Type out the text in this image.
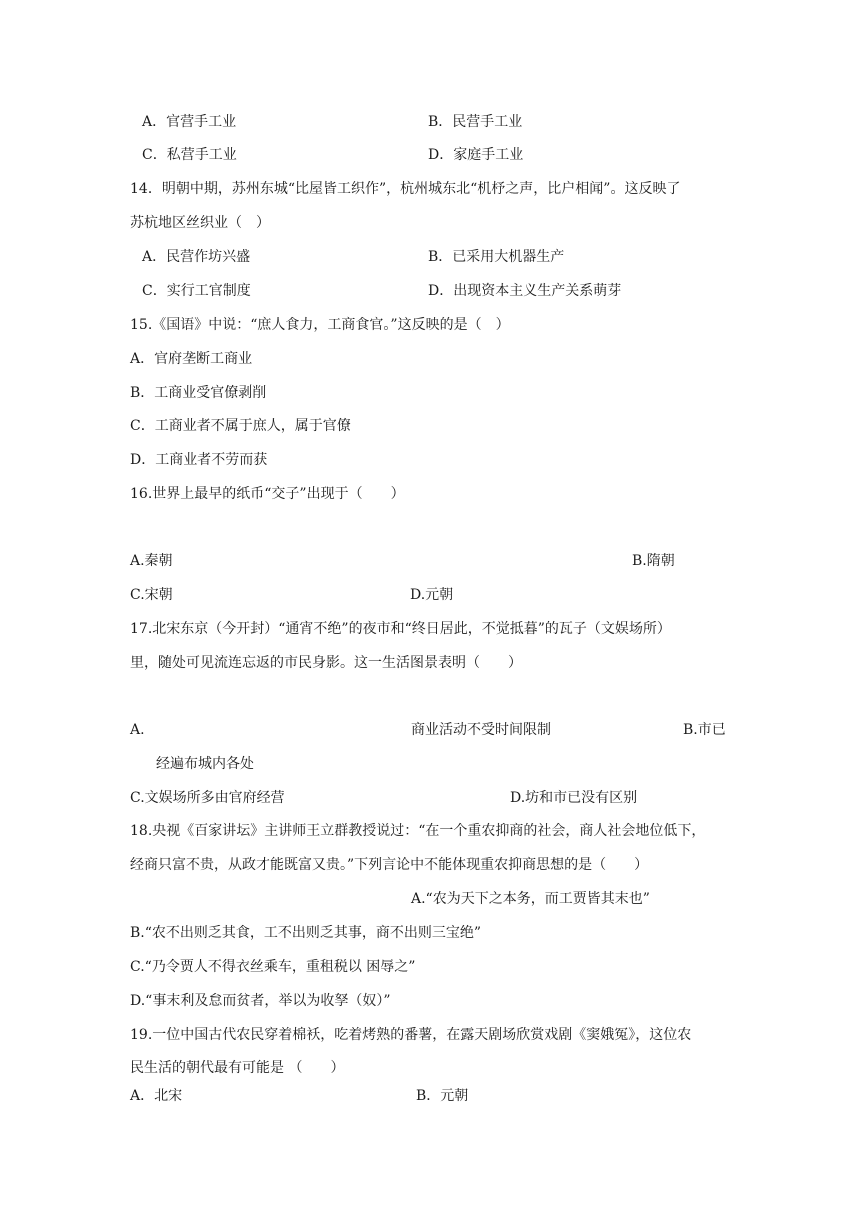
A．官营手工业	B．民营手工业
C．私营手工业	D．家庭手工业
14．明朝中期，苏州东城“比屋皆工织作”，杭州城东北“机杼之声，比户相闻”。这反映了
苏杭地区丝织业（　）
A．民营作坊兴盛	B．已采用大机器生产
C．实行工官制度	D．出现资本主义生产关系萌芽
15.《国语》中说：“庶人食力，工商食官。”这反映的是（　）
A．官府垄断工商业
B．工商业受官僚剥削
C．工商业者不属于庶人，属于官僚
D．工商业者不劳而获
16.世界上最早的纸币“交子”出现于（　　）
A.秦朝	B.隋朝
C.宋朝	D.元朝
17.北宋东京（今开封）“通宵不绝”的夜市和“终日居此，不觉抵暮”的瓦子（文娱场所）
里，随处可见流连忘返的市民身影。这一生活图景表明（　　）
A.	商业活动不受时间限制	B.市已
经遍布城内各处
C.文娱场所多由官府经营	D.坊和市已没有区别
18.央视《百家讲坛》主讲师王立群教授说过：“在一个重农抑商的社会，商人社会地位低下，
经商只富不贵，从政才能既富又贵。”下列言论中不能体现重农抑商思想的是（　　）
A.“农为天下之本务，而工贾皆其末也”
B.“农不出则乏其食，工不出则乏其事，商不出则三宝绝”
C.“乃令贾人不得衣丝乘车，重租税以 困辱之”
D.“事末利及怠而贫者，举以为收孥（奴）”
19.一位中国古代农民穿着棉袄，吃着烤熟的番薯，在露天剧场欣赏戏剧《窦娥冤》，这位农
民生活的朝代最有可能是 （　　）
A．北宋	B．元朝
